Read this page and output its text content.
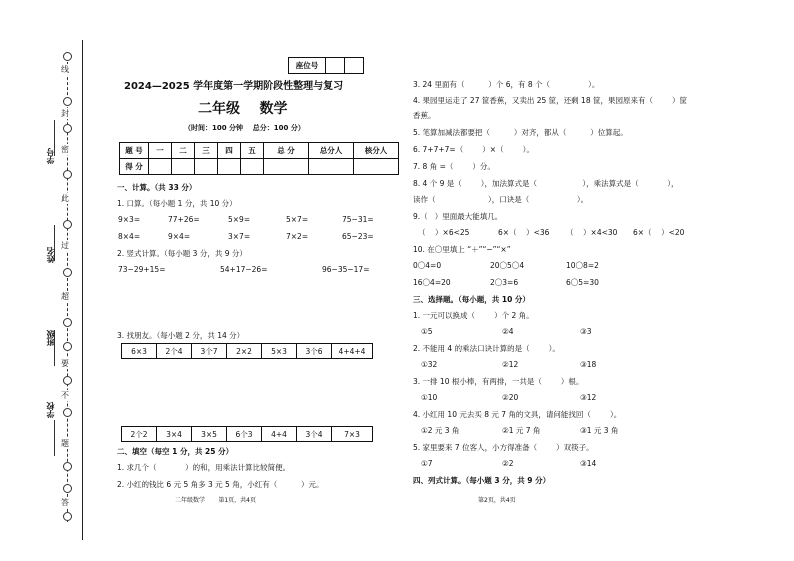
学号
姓名
班级
学校
线
封
密
此
过
超
要
不
题
答
座位号
2024—2025 学年度第一学期阶段性整理与复习
二年级    数学
（时间：100 分钟    总分：100 分）
题 号	一	二	三	四	五	总 分	总分人	核分人
得 分								
一、计算。（共 33 分）
1. 口算。（每小题 1 分，共 10 分）
9×3=	77+26=	5×9=	5×7=	75−31=
8×4=	9×4=	3×7=	7×2=	65−23=
2. 竖式计算。（每小题 3 分，共 9 分）
73−29+15=	54+17−26=	96−35−17=
3. 找朋友。（每小题 2 分，共 14 分）
6×3	2个4	3个7	2×2	5×3	3个6	4+4+4
2个2	3×4	3×5	6个3	4+4	3个4	7×3
二、填空（每空 1 分，共 25 分）
1. 求几个（            ）的和，用乘法计算比较简便。
2. 小红的钱比 6 元 5 角多 3 元 5 角，小红有（          ）元。
二年级数学       第1页，共4页
3. 24 里面有（          ）个 6，有 8 个（                ）。
4. 果园里运走了 27 筐香蕉，又卖出 25 筐，还剩 18 筐，果园原来有（        ）筐
香蕉。
5. 笔算加减法都要把（          ）对齐，都从（          ）位算起。
6. 7+7+7=（        ）×（        ）。
7. 8 角 =（        ）分。
8. 4 个 9 是（        ），加法算式是（                   ），乘法算式是（            ），
读作（                      ），口诀是（                    ）。
9.（   ）里面最大能填几。
（    ）×6<25	6×（    ）<36 （    ）×4<30 6×（    ）<20
10. 在〇里填上 “＋”“−”“×”
0〇4=0	20〇5〇4	10〇8=2
16〇4=20	2〇3=6	6〇5=30
三、选择题。（每小题，共 10 分）
1. 一元可以换成（        ）个 2 角。
①5	②4	③3
2. 不能用 4 的乘法口诀计算的是（        ）。
①32	②12	③18
3. 一排 10 根小棒，有两排，一共是（        ）根。
①10	②20	③12
4. 小红用 10 元去买 8 元 7 角的文具，请问能找回（        ）。
①2 元 3 角	②1 元 7 角	③1 元 3 角
5. 家里要来 7 位客人，小方得准备（        ）双筷子。
①7	②2	③14
四、列式计算。（每小题 3 分，共 9 分）
第2页，共4页
